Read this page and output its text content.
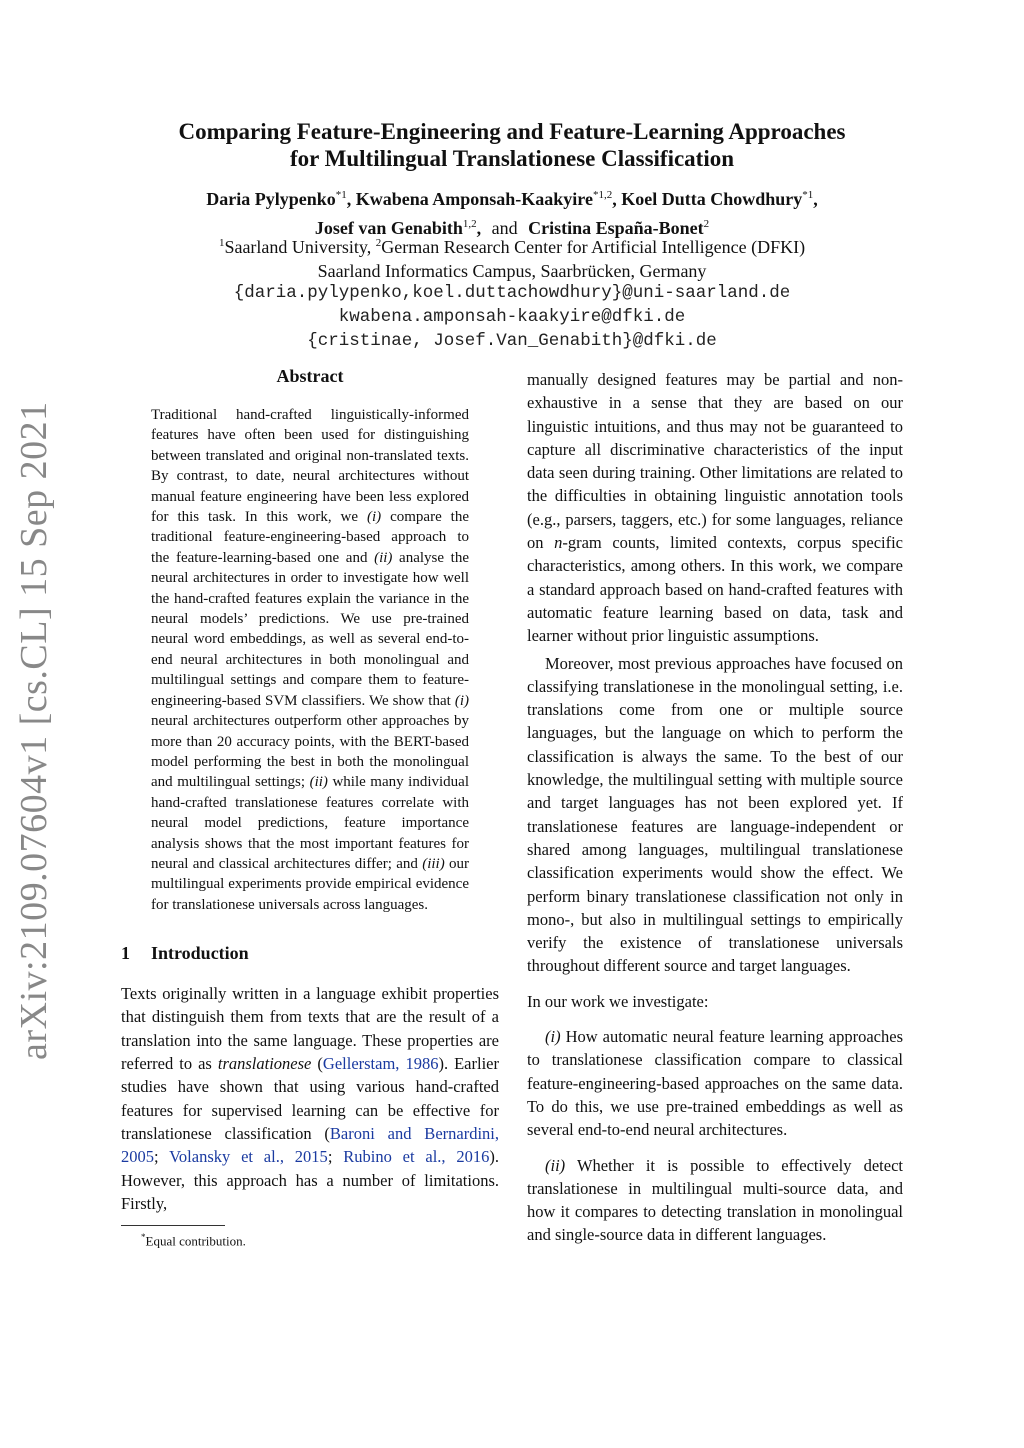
arXiv:2109.07604v1 [cs.CL] 15 Sep 2021
Comparing Feature-Engineering and Feature-Learning Approaches
for Multilingual Translationese Classification
Daria Pylypenko$^{*1}$, Kwabena Amponsah-Kaakyire$^{*1,2}$, Koel Dutta Chowdhury$^{*1}$,
Josef van Genabith$^{1,2}$, and Cristina España-Bonet$^2$
$^1$Saarland University, $^2$German Research Center for Artificial Intelligence (DFKI)
Saarland Informatics Campus, Saarbrücken, Germany
{daria.pylypenko,koel.duttachowdhury}@uni-saarland.de
kwabena.amponsah-kaakyire@dfki.de
{cristinae, Josef.Van_Genabith}@dfki.de
Abstract

Traditional hand-crafted linguistically-informed features have often been used for distinguishing between translated and original non-translated texts. By contrast, to date, neural architectures without manual feature engineering have been less explored for this task. In this work, we (i) compare the traditional feature-engineering-based approach to the feature-learning-based one and (ii) analyse the neural architectures in order to investigate how well the hand-crafted features explain the variance in the neural models’ predictions. We use pre-trained neural word embeddings, as well as several end-to-end neural architectures in both monolingual and multilingual settings and compare them to feature-engineering-based SVM classifiers. We show that (i) neural architectures outperform other approaches by more than 20 accuracy points, with the BERT-based model performing the best in both the monolingual and multilingual settings; (ii) while many individual hand-crafted translationese features correlate with neural model predictions, feature importance analysis shows that the most important features for neural and classical architectures differ; and (iii) our multilingual experiments provide empirical evidence for translationese universals across languages.

1 Introduction

Texts originally written in a language exhibit properties that distinguish them from texts that are the result of a translation into the same language. These properties are referred to as translationese (Gellerstam, 1986). Earlier studies have shown that using various hand-crafted features for supervised learning can be effective for translationese classification (Baroni and Bernardini, 2005; Volansky et al., 2015; Rubino et al., 2016). However, this approach has a number of limitations. Firstly,

*Equal contribution.

manually designed features may be partial and non-exhaustive in a sense that they are based on our linguistic intuitions, and thus may not be guaranteed to capture all discriminative characteristics of the input data seen during training. Other limitations are related to the difficulties in obtaining linguistic annotation tools (e.g., parsers, taggers, etc.) for some languages, reliance on n-gram counts, limited contexts, corpus specific characteristics, among others. In this work, we compare a standard approach based on hand-crafted features with automatic feature learning based on data, task and learner without prior linguistic assumptions.

Moreover, most previous approaches have focused on classifying translationese in the monolingual setting, i.e. translations come from one or multiple source languages, but the language on which to perform the classification is always the same. To the best of our knowledge, the multilingual setting with multiple source and target languages has not been explored yet. If translationese features are language-independent or shared among languages, multilingual translationese classification experiments would show the effect. We perform binary translationese classification not only in mono-, but also in multilingual settings to empirically verify the existence of translationese universals throughout different source and target languages.

In our work we investigate:

(i) How automatic neural feature learning approaches to translationese classification compare to classical feature-engineering-based approaches on the same data. To do this, we use pre-trained embeddings as well as several end-to-end neural architectures.

(ii) Whether it is possible to effectively detect translationese in multilingual multi-source data, and how it compares to detecting translation in monolingual and single-source data in different languages.
